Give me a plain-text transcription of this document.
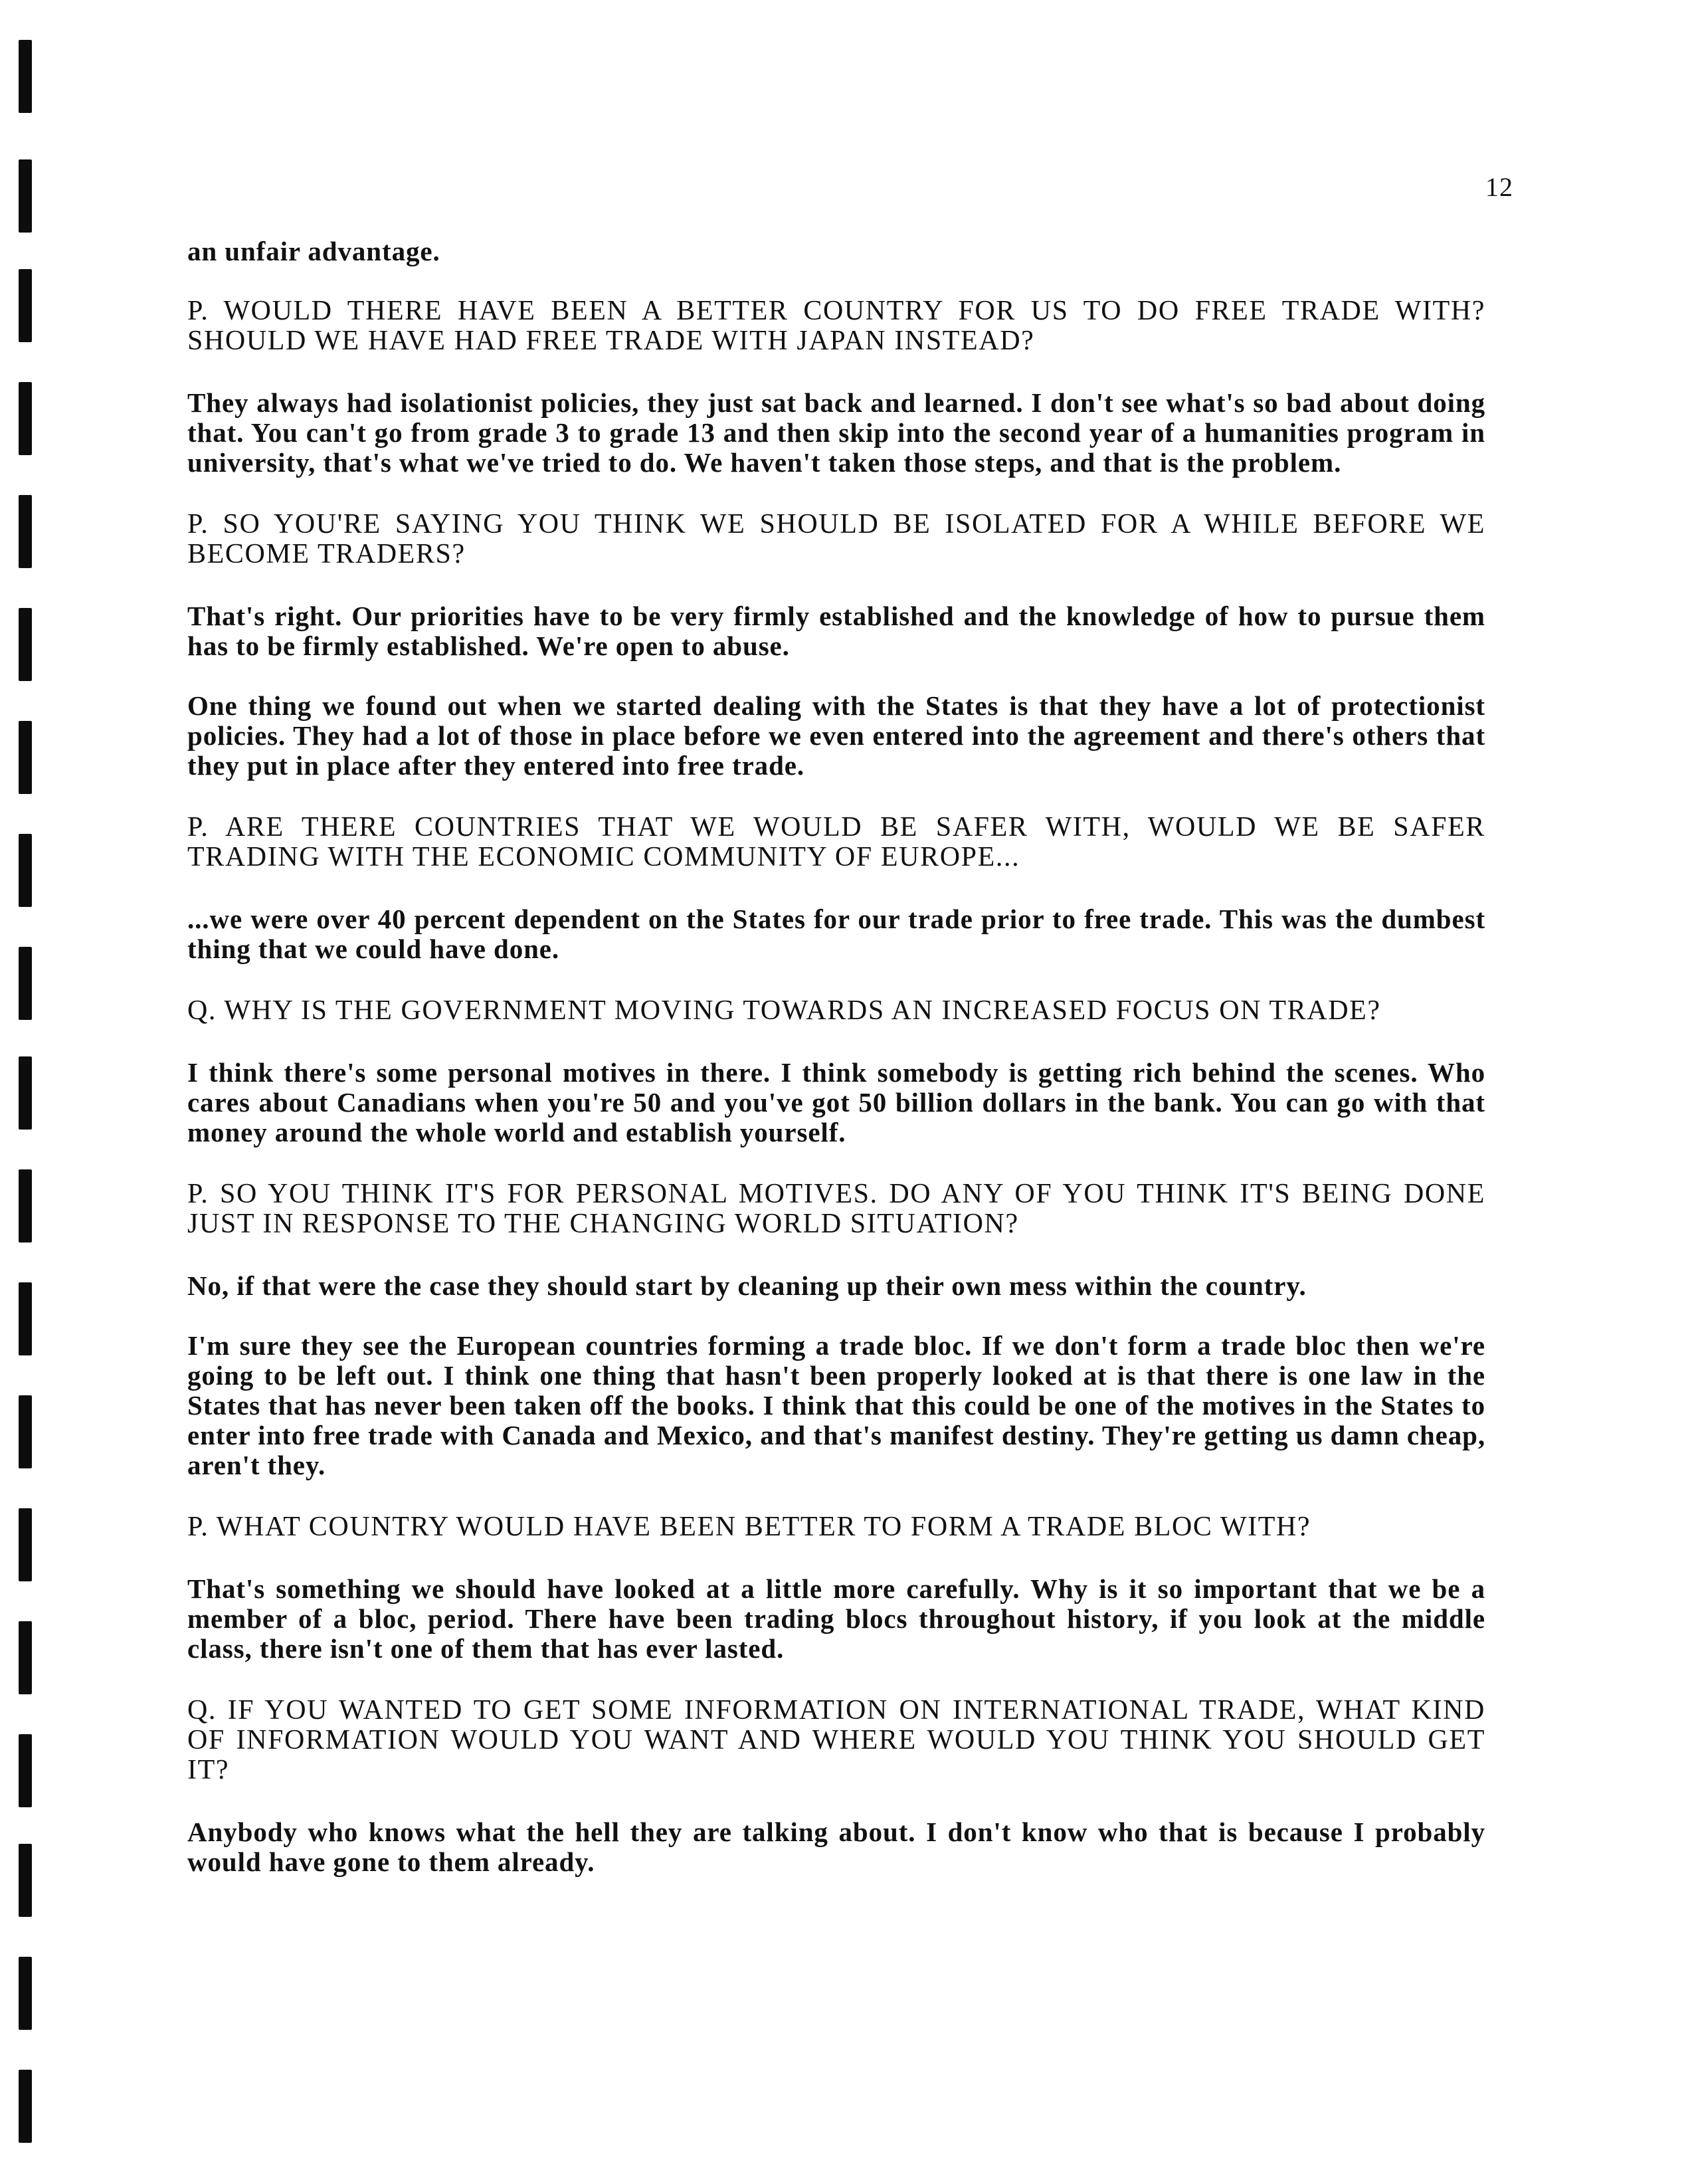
12

an unfair advantage.

P. WOULD THERE HAVE BEEN A BETTER COUNTRY FOR US TO DO FREE TRADE WITH? SHOULD WE HAVE HAD FREE TRADE WITH JAPAN INSTEAD?

They always had isolationist policies, they just sat back and learned. I don't see what's so bad about doing that. You can't go from grade 3 to grade 13 and then skip into the second year of a humanities program in university, that's what we've tried to do. We haven't taken those steps, and that is the problem.

P. SO YOU'RE SAYING YOU THINK WE SHOULD BE ISOLATED FOR A WHILE BEFORE WE BECOME TRADERS?

That's right. Our priorities have to be very firmly established and the knowledge of how to pursue them has to be firmly established. We're open to abuse.

One thing we found out when we started dealing with the States is that they have a lot of protectionist policies. They had a lot of those in place before we even entered into the agreement and there's others that they put in place after they entered into free trade.

P. ARE THERE COUNTRIES THAT WE WOULD BE SAFER WITH, WOULD WE BE SAFER TRADING WITH THE ECONOMIC COMMUNITY OF EUROPE...

...we were over 40 percent dependent on the States for our trade prior to free trade. This was the dumbest thing that we could have done.

Q. WHY IS THE GOVERNMENT MOVING TOWARDS AN INCREASED FOCUS ON TRADE?

I think there's some personal motives in there. I think somebody is getting rich behind the scenes. Who cares about Canadians when you're 50 and you've got 50 billion dollars in the bank. You can go with that money around the whole world and establish yourself.

P. SO YOU THINK IT'S FOR PERSONAL MOTIVES. DO ANY OF YOU THINK IT'S BEING DONE JUST IN RESPONSE TO THE CHANGING WORLD SITUATION?

No, if that were the case they should start by cleaning up their own mess within the country.

I'm sure they see the European countries forming a trade bloc. If we don't form a trade bloc then we're going to be left out. I think one thing that hasn't been properly looked at is that there is one law in the States that has never been taken off the books. I think that this could be one of the motives in the States to enter into free trade with Canada and Mexico, and that's manifest destiny. They're getting us damn cheap, aren't they.

P. WHAT COUNTRY WOULD HAVE BEEN BETTER TO FORM A TRADE BLOC WITH?

That's something we should have looked at a little more carefully. Why is it so important that we be a member of a bloc, period. There have been trading blocs throughout history, if you look at the middle class, there isn't one of them that has ever lasted.

Q. IF YOU WANTED TO GET SOME INFORMATION ON INTERNATIONAL TRADE, WHAT KIND OF INFORMATION WOULD YOU WANT AND WHERE WOULD YOU THINK YOU SHOULD GET IT?

Anybody who knows what the hell they are talking about. I don't know who that is because I probably would have gone to them already.
